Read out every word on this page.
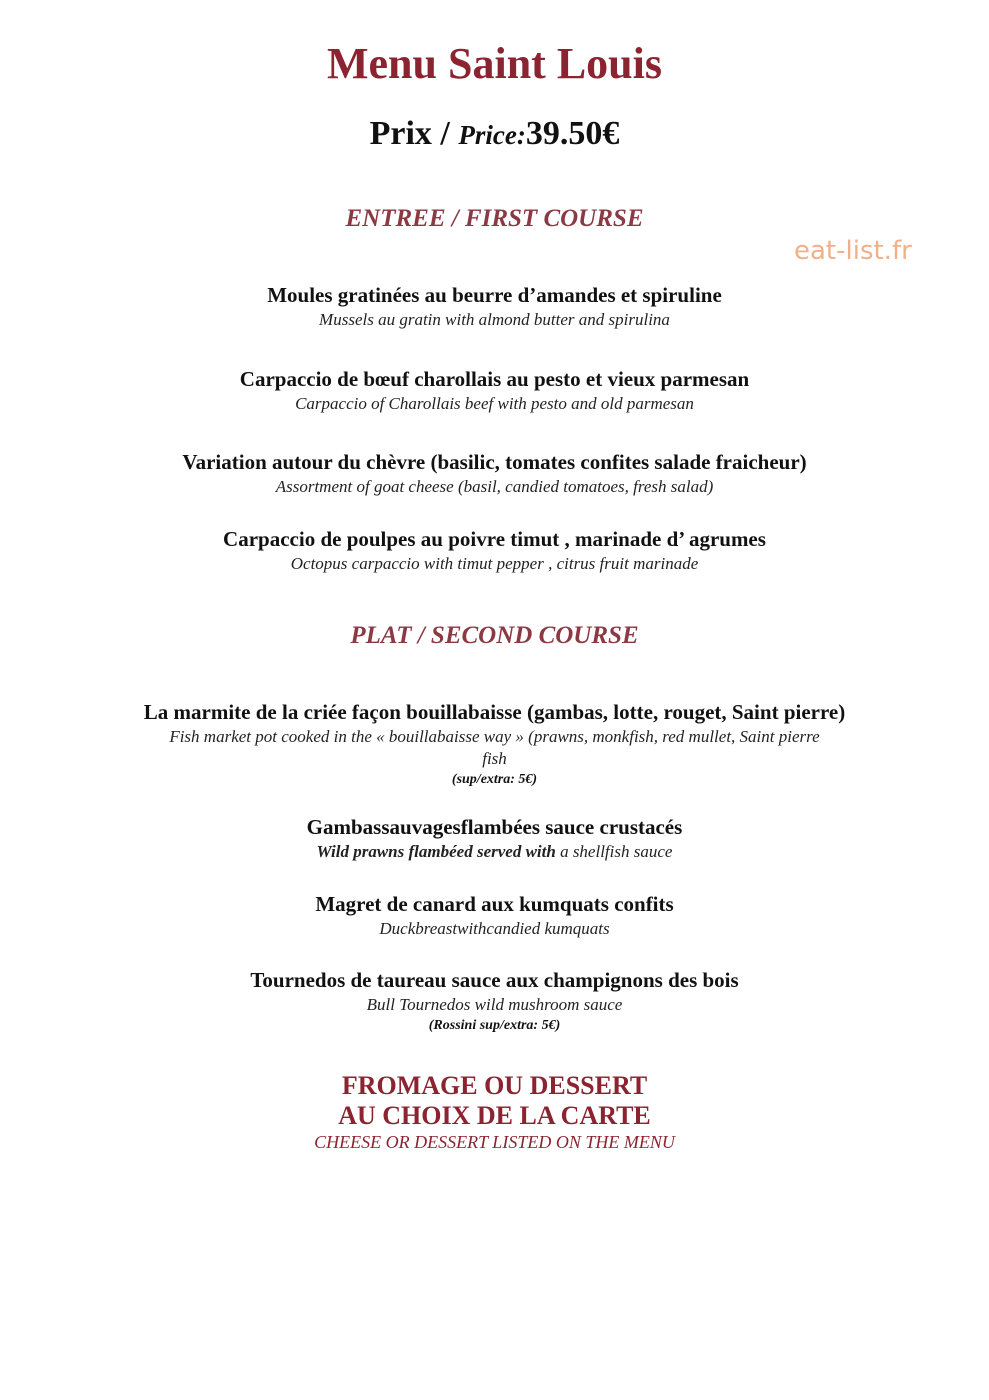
Menu Saint Louis
Prix / Price:39.50€
ENTREE / FIRST COURSE
eat-list.fr
Moules gratinées au beurre d’amandes et spiruline
Mussels au gratin with almond butter and spirulina
Carpaccio de bœuf charollais au pesto et vieux parmesan
Carpaccio of Charollais beef with pesto and old parmesan
Variation autour du chèvre (basilic, tomates confites salade fraicheur)
Assortment of goat cheese (basil, candied tomatoes, fresh salad)
Carpaccio de poulpes au poivre timut , marinade d’ agrumes
Octopus carpaccio with timut pepper , citrus fruit marinade
PLAT / SECOND COURSE
La marmite de la criée façon bouillabaisse (gambas, lotte, rouget, Saint pierre)
Fish market pot cooked in the « bouillabaisse way » (prawns, monkfish, red mullet, Saint pierre
fish
(sup/extra: 5€)
Gambassauvagesflambées sauce crustacés
Wild prawns flambéed served with a shellfish sauce
Magret de canard aux kumquats confits
Duckbreastwithcandied kumquats
Tournedos de taureau sauce aux champignons des bois
Bull Tournedos wild mushroom sauce
(Rossini sup/extra: 5€)
FROMAGE OU DESSERT
AU CHOIX DE LA CARTE
CHEESE OR DESSERT LISTED ON THE MENU
